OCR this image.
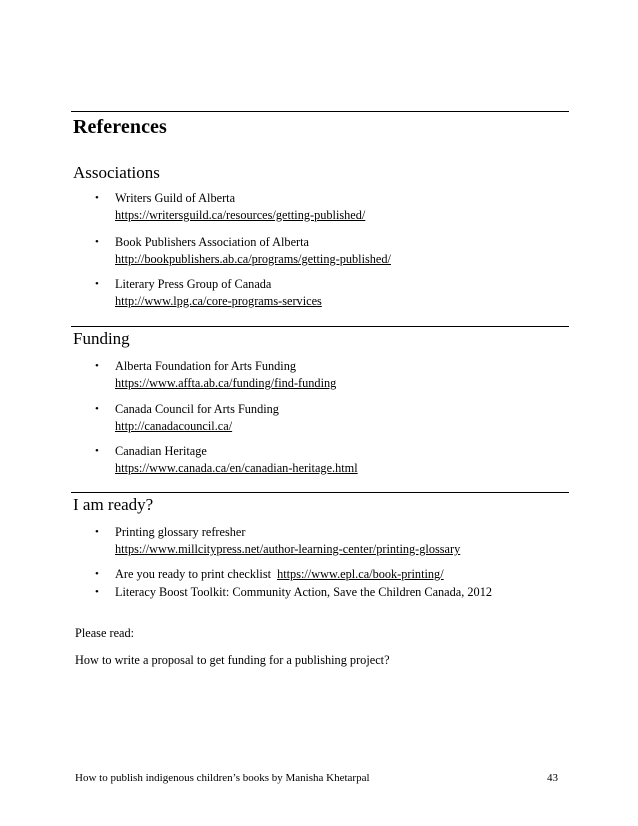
References
Associations
• Writers Guild of Alberta
https://writersguild.ca/resources/getting-published/
• Book Publishers Association of Alberta
http://bookpublishers.ab.ca/programs/getting-published/
• Literary Press Group of Canada
http://www.lpg.ca/core-programs-services
Funding
• Alberta Foundation for Arts Funding
https://www.affta.ab.ca/funding/find-funding
• Canada Council for Arts Funding
http://canadacouncil.ca/
• Canadian Heritage
https://www.canada.ca/en/canadian-heritage.html
I am ready?
• Printing glossary refresher
https://www.millcitypress.net/author-learning-center/printing-glossary
• Are you ready to print checklist https://www.epl.ca/book-printing/
• Literacy Boost Toolkit: Community Action, Save the Children Canada, 2012
Please read:
How to write a proposal to get funding for a publishing project?
How to publish indigenous children’s books by Manisha Khetarpal	43
